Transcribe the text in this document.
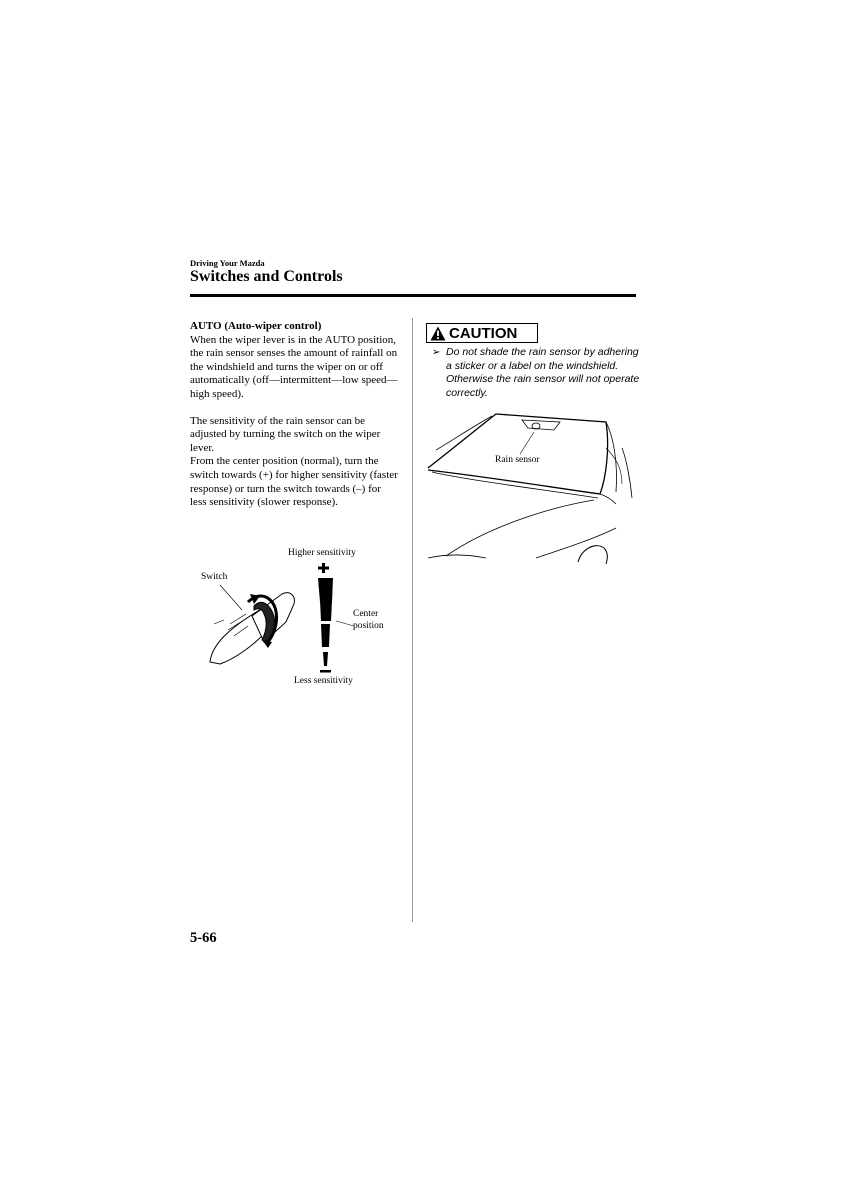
Driving Your Mazda
Switches and Controls

AUTO (Auto-wiper control)

When the wiper lever is in the AUTO position, the rain sensor senses the amount of rainfall on the windshield and turns the wiper on or off automatically (off—intermittent—low speed—high speed).

The sensitivity of the rain sensor can be adjusted by turning the switch on the wiper lever.

From the center position (normal), turn the switch towards (+) for higher sensitivity (faster response) or turn the switch towards (–) for less sensitivity (slower response).

Higher sensitivity
Switch
Center
position
Less sensitivity
CAUTION
➢ Do not shade the rain sensor by adhering a sticker or a label on the windshield. Otherwise the rain sensor will not operate correctly.
Rain sensor
5-66
